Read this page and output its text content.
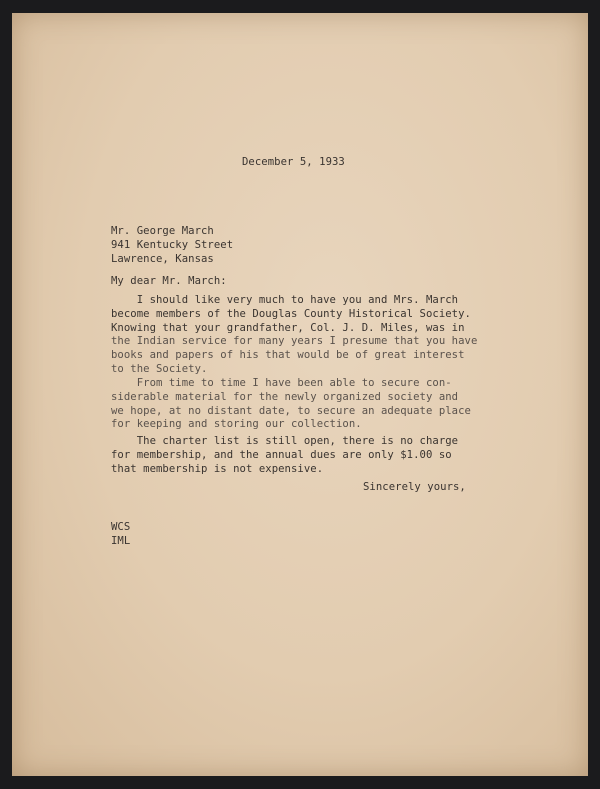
December 5, 1933
Mr. George March
941 Kentucky Street
Lawrence, Kansas
My dear Mr. March:
I should like very much to have you and Mrs. March
become members of the Douglas County Historical Society.
Knowing that your grandfather, Col. J. D. Miles, was in
the Indian service for many years I presume that you have
books and papers of his that would be of great interest
to the Society.
From time to time I have been able to secure con-
siderable material for the newly organized society and
we hope, at no distant date, to secure an adequate place
for keeping and storing our collection.
The charter list is still open, there is no charge
for membership, and the annual dues are only $1.00 so
that membership is not expensive.
Sincerely yours,
WCS
IML
